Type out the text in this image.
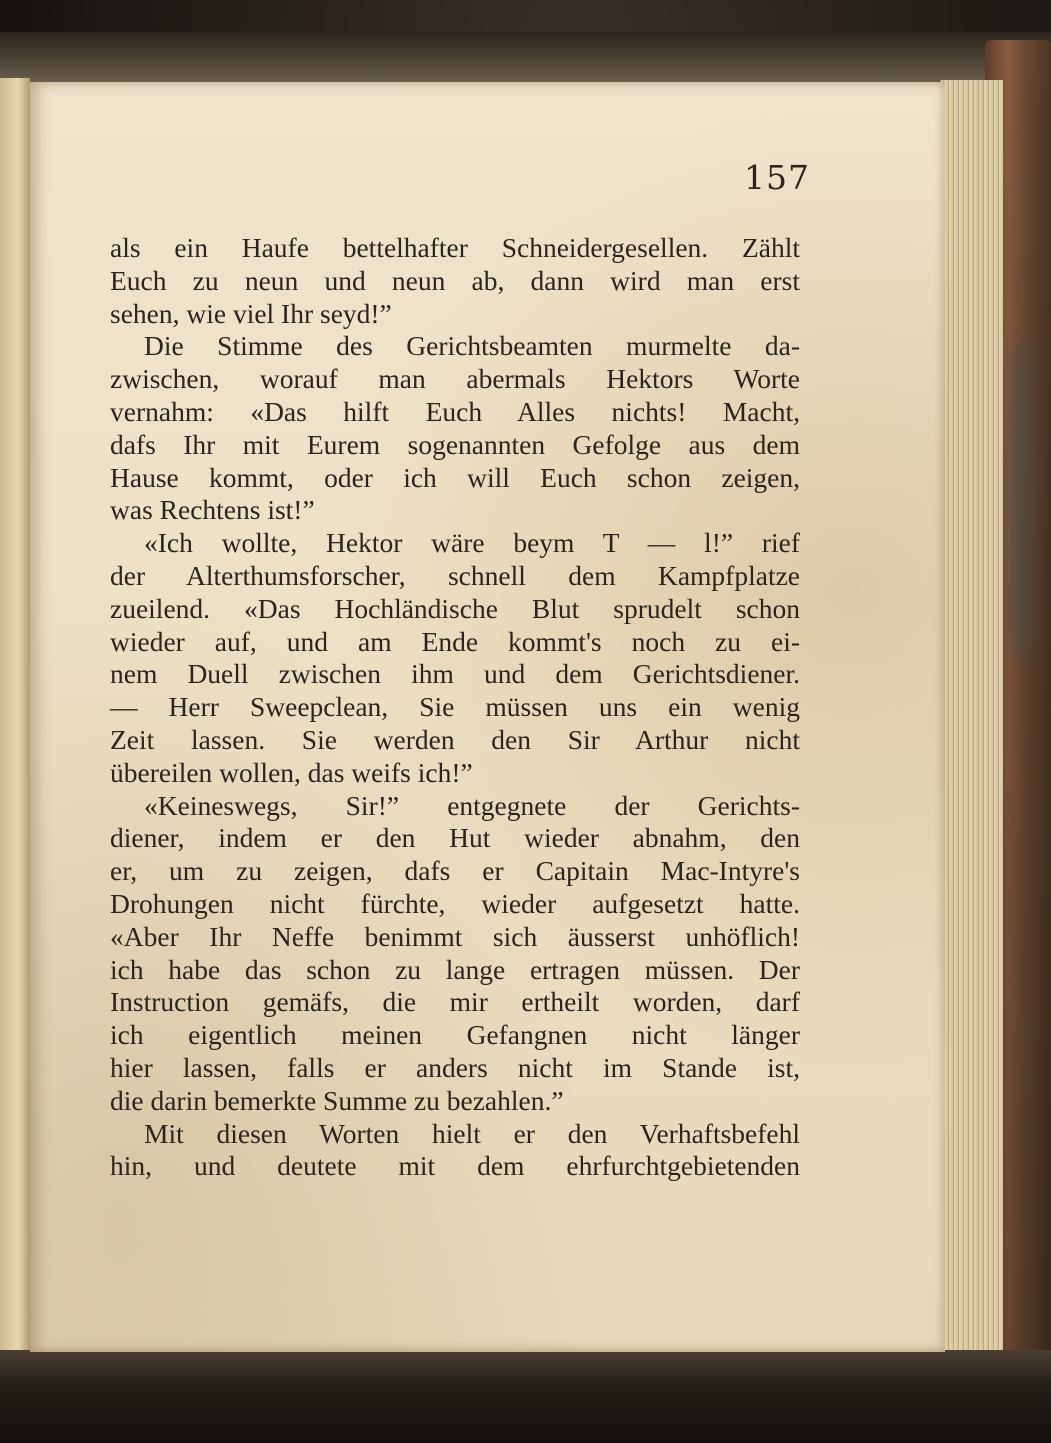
157
als ein Haufe bettelhafter Schneidergesellen. Zählt
Euch zu neun und neun ab, dann wird man erst
sehen, wie viel Ihr seyd!”
Die Stimme des Gerichtsbeamten murmelte da-
zwischen, worauf man abermals Hektors Worte
vernahm: «Das hilft Euch Alles nichts! Macht,
dafs Ihr mit Eurem sogenannten Gefolge aus dem
Hause kommt, oder ich will Euch schon zeigen,
was Rechtens ist!”
«Ich wollte, Hektor wäre beym T — l!” rief
der Alterthumsforscher, schnell dem Kampfplatze
zueilend. «Das Hochländische Blut sprudelt schon
wieder auf, und am Ende kommt's noch zu ei-
nem Duell zwischen ihm und dem Gerichtsdiener.
— Herr Sweepclean, Sie müssen uns ein wenig
Zeit lassen. Sie werden den Sir Arthur nicht
übereilen wollen, das weifs ich!”
«Keineswegs, Sir!” entgegnete der Gerichts-
diener, indem er den Hut wieder abnahm, den
er, um zu zeigen, dafs er Capitain Mac-Intyre's
Drohungen nicht fürchte, wieder aufgesetzt hatte.
«Aber Ihr Neffe benimmt sich äusserst unhöflich!
ich habe das schon zu lange ertragen müssen. Der
Instruction gemäfs, die mir ertheilt worden, darf
ich eigentlich meinen Gefangnen nicht länger
hier lassen, falls er anders nicht im Stande ist,
die darin bemerkte Summe zu bezahlen.”
Mit diesen Worten hielt er den Verhaftsbefehl
hin, und deutete mit dem ehrfurchtgebietenden
